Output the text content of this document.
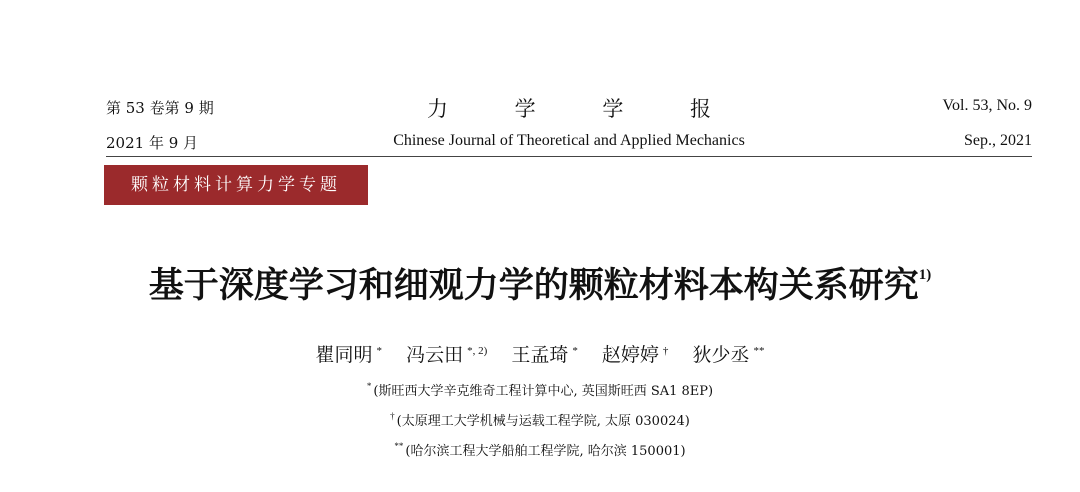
第 53 卷第 9 期	力 学 学 报	Vol. 53, No. 9
2021 年 9 月	Chinese Journal of Theoretical and Applied Mechanics	Sep., 2021
颗粒材料计算力学专题
基于深度学习和细观力学的颗粒材料本构关系研究$^{1)}$
瞿同明 * 冯云田 $^{*, 2)}$ 王孟琦 * 赵婷婷 † 狄少丞 **
* (斯旺西大学辛克维奇工程计算中心, 英国斯旺西 SA1 8EP)
† (太原理工大学机械与运载工程学院, 太原 030024)
** (哈尔滨工程大学船舶工程学院, 哈尔滨 150001)
